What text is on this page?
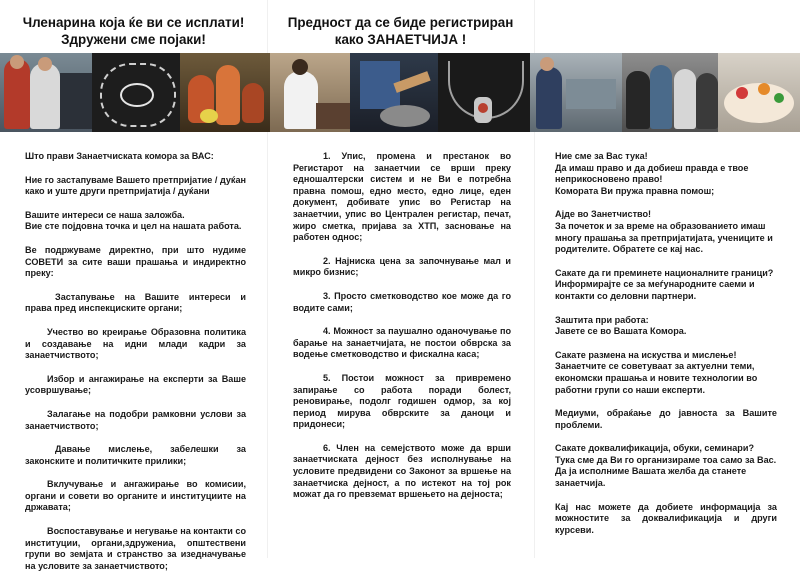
Членарина која ќе ви се исплати!
Здружени сме појаки!
Предност да се биде регистриран
како ЗАНАЕТЧИЈА !

Што прави Занаетчиската комора за ВАС:

Ние го застапуваме Вашето претпријатие / дуќан како и уште други претпријатија / дуќани

Вашите интереси се наша заложба.
Вие сте појдовна точка и цел на нашата работа.

Ве подржуваме директно, при што нудиме СОВЕТИ за сите ваши прашања и индиректно преку:

Застапување на Вашите интереси и права пред инспекциските органи;

Учество во креирање Образовна политика и создавање на идни млади кадри за занаетчиството;

Избор и ангажирање на експерти за Ваше усовршување;

Залагање на подобри рамковни услови за занаетчиството;

Давање мислење, забелешки за законските и политичките прилики;

Вклучување и ангажирање во комисии, органи и совети во органите и институциите на државата;

Воспоставување и негување на контакти со институции, органи,здружениа, општествени групи во земјата и странство за изедначување на условите за занаетчиството;

1. Упис, промена и престанок во Регистарот на занаетчии се врши преку едношалтерски систем и не Ви е потребна правна помош, едно место, едно лице, еден документ, добивате упис во Регистар на занаетчии, упис во Централен регистар, печат, жиро сметка, пријава за ХТП, засновање на работен однос;

2. Најниска цена за започнување мал и микро бизнис;

3. Просто сметководство кое може да го водите сами;

4. Можност за паушално оданочување по барање на занаетчијата, не постои обврска за водење сметководство и фискална каса;

5. Постои можност за привремено запирање со работа поради болест, реновирање, подолг годишен одмор, за кој период мирува обврските за даноци и придонеси;

6. Член на семејството може да врши занаетчиската дејност без исполнување на условите предвидени со Законот за вршење на занаетчиска дејност, а по истекот на тој рок можат да го превземат вршењето на дејноста;

Ние сме за Вас тука!
Да имаш право и да добиеш правда е твое неприкосновено право!
Комората Ви пружа правна помош;

Ајде во Занетчиство!
За почеток и за време на образованието имаш многу прашања за претпријатијата, учениците и родителите. Обратете се кај нас.

Сакате да ги преминете националните граници?
Информирајте се за меѓународните саеми и контакти со деловни партнери.

Заштита при работа:
Јавете се во Вашата Комора.

Сакате размена на искуства и мислење!
Занаетчите се советуваат за актуелни теми, економски прашања и новите технологии во работни групи со наши експерти.

Медиуми, обраќање до јавноста за Вашите проблеми.

Сакате доквалификација, обуки, семинари?
Тука сме да Ви го организираме тоа само за Вас.
Да ја исполниме Вашата желба да станете занаетчија.

Кај нас можете да добиете информација за можностите за доквалификација и други курсеви.
